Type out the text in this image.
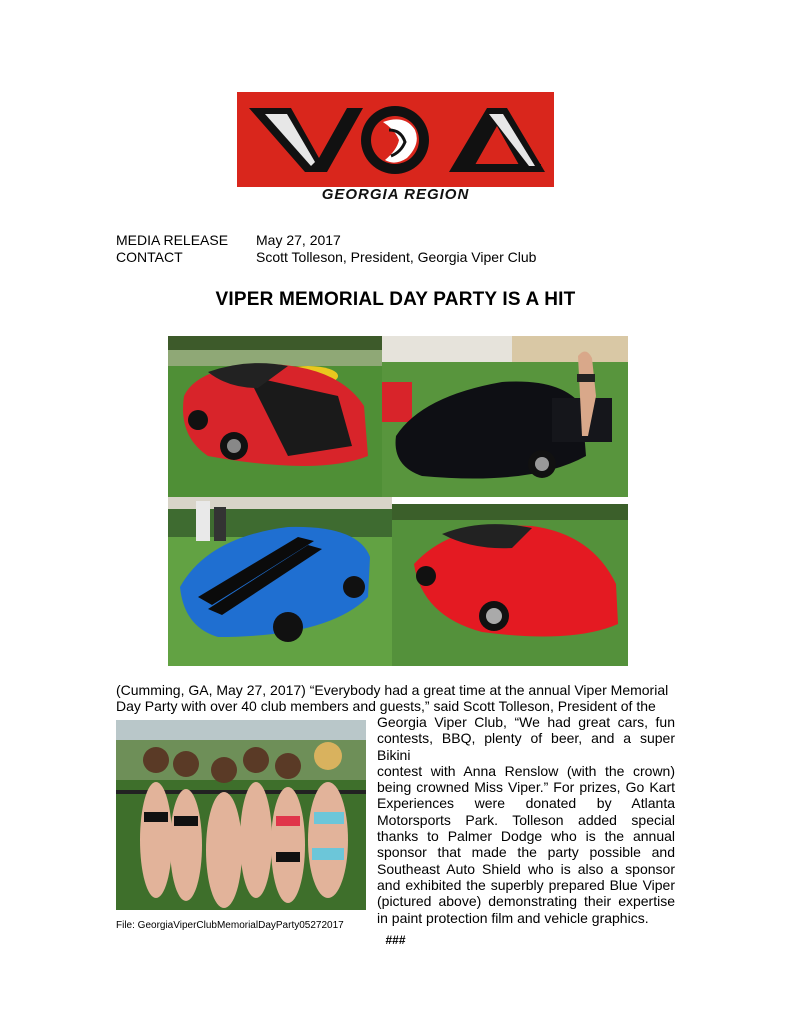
GEORGIA REGION
MEDIA RELEASE	May 27, 2017
CONTACT	Scott Tolleson, President, Georgia Viper Club
VIPER MEMORIAL DAY PARTY IS A HIT
(Cumming, GA, May 27, 2017) “Everybody had a great time at the annual Viper Memorial
Day Party with over 40 club members and guests,” said Scott Tolleson, President of the
Georgia Viper Club, “We had great cars, fun
contests, BBQ, plenty of beer, and a super Bikini
contest with Anna Renslow (with the crown)
being crowned Miss Viper.” For prizes, Go Kart
Experiences were donated by Atlanta
Motorsports Park. Tolleson added special
thanks to Palmer Dodge who is the annual
sponsor that made the party possible and
Southeast Auto Shield who is also a sponsor
and exhibited the superbly prepared Blue Viper
(pictured above) demonstrating their expertise
in paint protection film and vehicle graphics.
File: GeorgiaViperClubMemorialDayParty05272017
###
